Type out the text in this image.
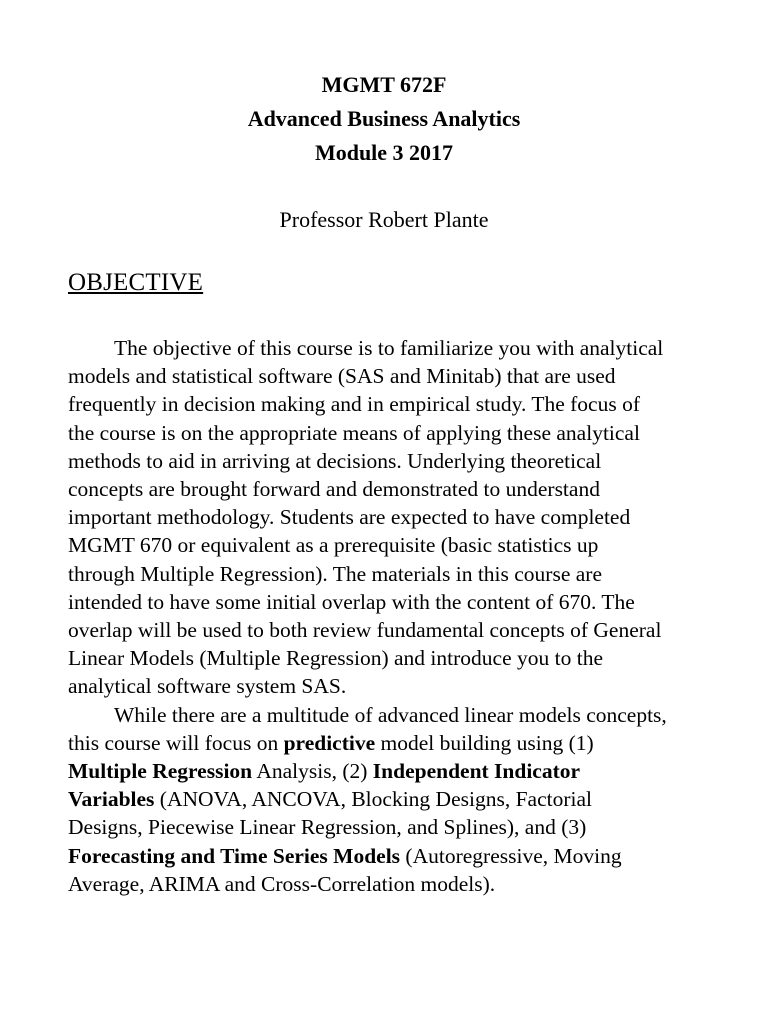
MGMT 672F
Advanced Business Analytics
Module 3 2017
Professor Robert Plante
OBJECTIVE
The objective of this course is to familiarize you with analytical
models and statistical software (SAS and Minitab) that are used
frequently in decision making and in empirical study. The focus of
the course is on the appropriate means of applying these analytical
methods to aid in arriving at decisions. Underlying theoretical
concepts are brought forward and demonstrated to understand
important methodology. Students are expected to have completed
MGMT 670 or equivalent as a prerequisite (basic statistics up
through Multiple Regression). The materials in this course are
intended to have some initial overlap with the content of 670. The
overlap will be used to both review fundamental concepts of General
Linear Models (Multiple Regression) and introduce you to the
analytical software system SAS.
While there are a multitude of advanced linear models concepts,
this course will focus on predictive model building using (1)
Multiple Regression Analysis, (2) Independent Indicator
Variables (ANOVA, ANCOVA, Blocking Designs, Factorial
Designs, Piecewise Linear Regression, and Splines), and (3)
Forecasting and Time Series Models (Autoregressive, Moving
Average, ARIMA and Cross-Correlation models).
